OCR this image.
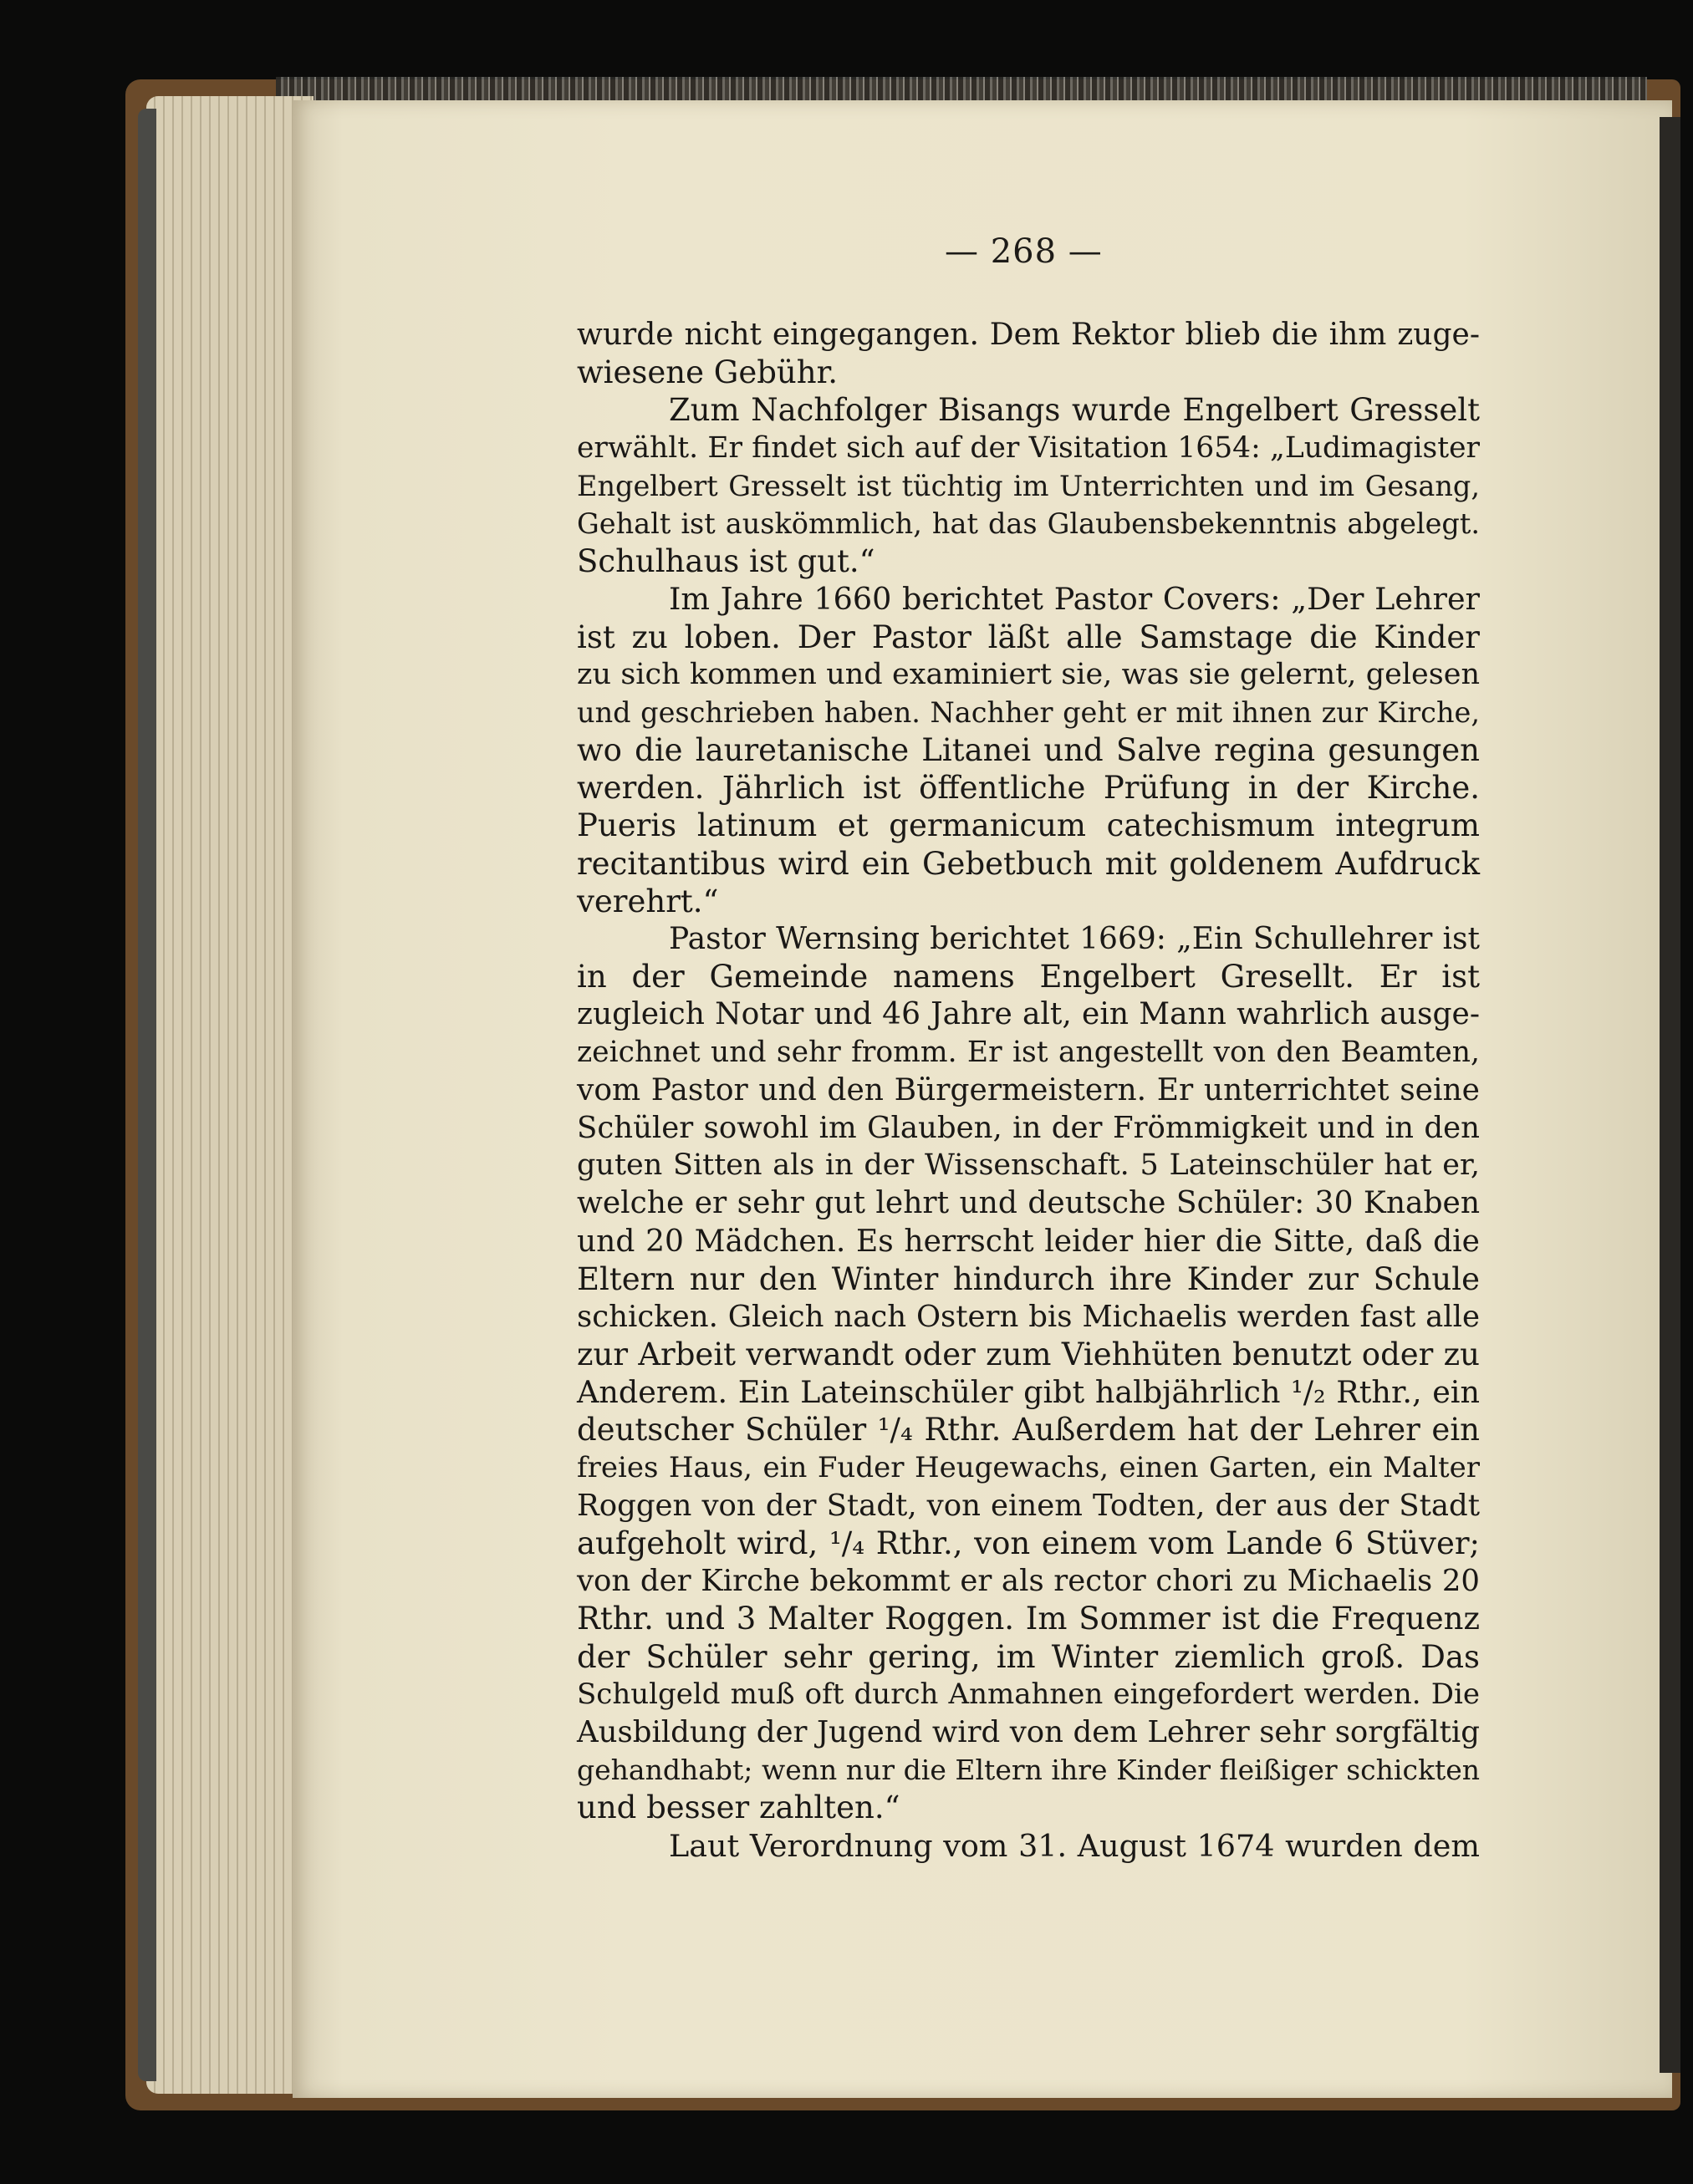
— 268 —
wurde nicht eingegangen. Dem Rektor blieb die ihm zuge-
wiesene Gebühr.
Zum Nachfolger Bisangs wurde Engelbert Gresselt
erwählt. Er findet sich auf der Visitation 1654: „Ludimagister
Engelbert Gresselt ist tüchtig im Unterrichten und im Gesang,
Gehalt ist auskömmlich, hat das Glaubensbekenntnis abgelegt.
Schulhaus ist gut.“
Im Jahre 1660 berichtet Pastor Covers: „Der Lehrer
ist zu loben. Der Pastor läßt alle Samstage die Kinder
zu sich kommen und examiniert sie, was sie gelernt, gelesen
und geschrieben haben. Nachher geht er mit ihnen zur Kirche,
wo die lauretanische Litanei und Salve regina gesungen
werden. Jährlich ist öffentliche Prüfung in der Kirche.
Pueris latinum et germanicum catechismum integrum
recitantibus wird ein Gebetbuch mit goldenem Aufdruck
verehrt.“
Pastor Wernsing berichtet 1669: „Ein Schullehrer ist
in der Gemeinde namens Engelbert Gresellt. Er ist
zugleich Notar und 46 Jahre alt, ein Mann wahrlich ausge-
zeichnet und sehr fromm. Er ist angestellt von den Beamten,
vom Pastor und den Bürgermeistern. Er unterrichtet seine
Schüler sowohl im Glauben, in der Frömmigkeit und in den
guten Sitten als in der Wissenschaft. 5 Lateinschüler hat er,
welche er sehr gut lehrt und deutsche Schüler: 30 Knaben
und 20 Mädchen. Es herrscht leider hier die Sitte, daß die
Eltern nur den Winter hindurch ihre Kinder zur Schule
schicken. Gleich nach Ostern bis Michaelis werden fast alle
zur Arbeit verwandt oder zum Viehhüten benutzt oder zu
Anderem. Ein Lateinschüler gibt halbjährlich ¹/₂ Rthr., ein
deutscher Schüler ¹/₄ Rthr. Außerdem hat der Lehrer ein
freies Haus, ein Fuder Heugewachs, einen Garten, ein Malter
Roggen von der Stadt, von einem Todten, der aus der Stadt
aufgeholt wird, ¹/₄ Rthr., von einem vom Lande 6 Stüver;
von der Kirche bekommt er als rector chori zu Michaelis 20
Rthr. und 3 Malter Roggen. Im Sommer ist die Frequenz
der Schüler sehr gering, im Winter ziemlich groß. Das
Schulgeld muß oft durch Anmahnen eingefordert werden. Die
Ausbildung der Jugend wird von dem Lehrer sehr sorgfältig
gehandhabt; wenn nur die Eltern ihre Kinder fleißiger schickten
und besser zahlten.“
Laut Verordnung vom 31. August 1674 wurden dem
